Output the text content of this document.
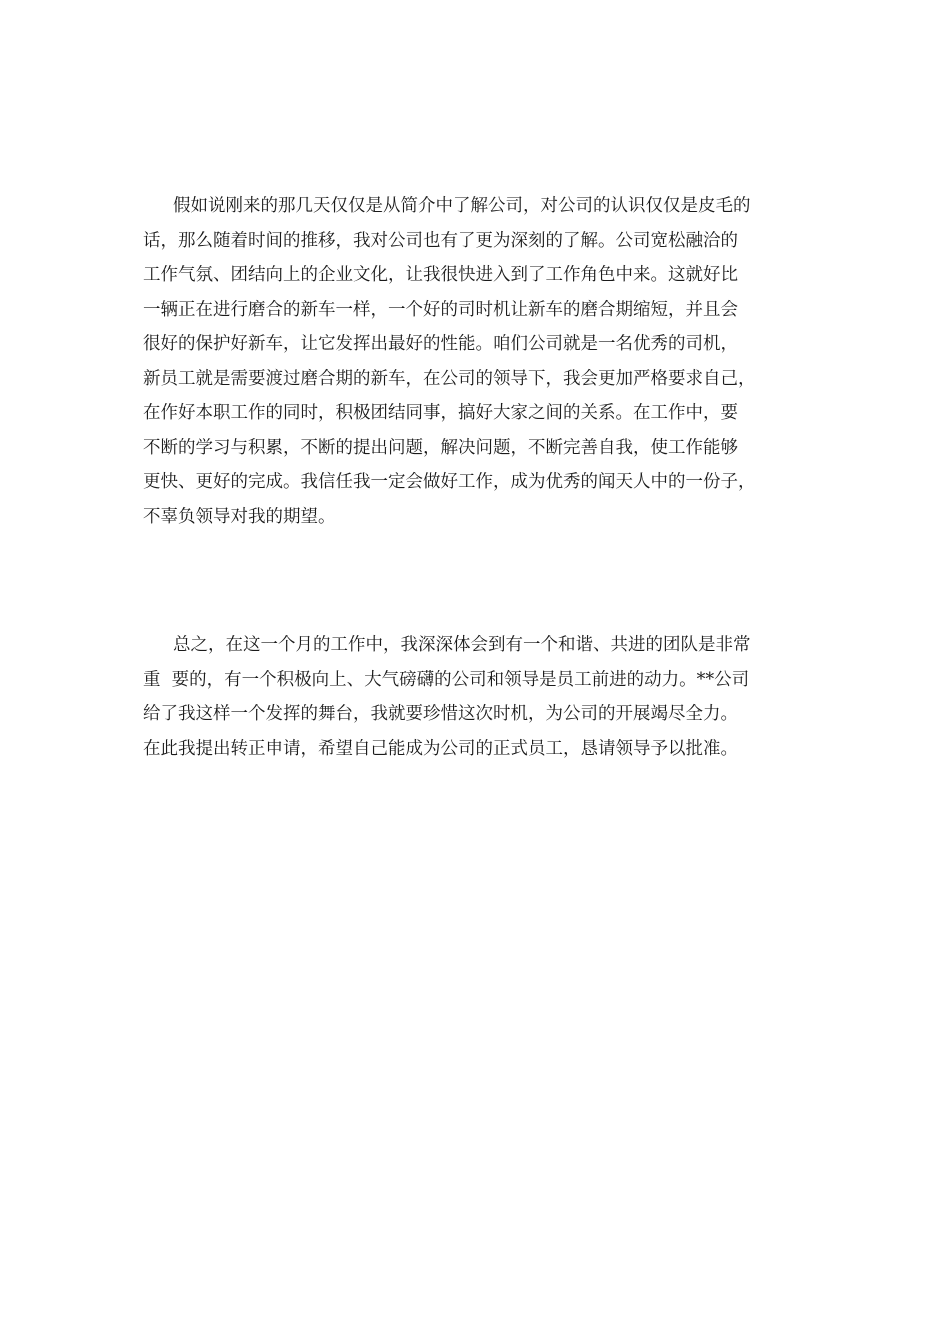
假如说刚来的那几天仅仅是从简介中了解公司，对公司的认识仅仅是皮毛的
话，那么随着时间的推移，我对公司也有了更为深刻的了解。公司宽松融洽的
工作气氛、团结向上的企业文化，让我很快进入到了工作角色中来。这就好比
一辆正在进行磨合的新车一样，一个好的司时机让新车的磨合期缩短，并且会
很好的保护好新车，让它发挥出最好的性能。咱们公司就是一名优秀的司机，
新员工就是需要渡过磨合期的新车，在公司的领导下，我会更加严格要求自己，
在作好本职工作的同时，积极团结同事，搞好大家之间的关系。在工作中，要
不断的学习与积累，不断的提出问题，解决问题，不断完善自我，使工作能够
更快、更好的完成。我信任我一定会做好工作，成为优秀的闻天人中的一份子，
不辜负领导对我的期望。
总之，在这一个月的工作中，我深深体会到有一个和谐、共进的团队是非常
重  要的，有一个积极向上、大气磅礴的公司和领导是员工前进的动力。**公司
给了我这样一个发挥的舞台，我就要珍惜这次时机，为公司的开展竭尽全力。
在此我提出转正申请，希望自己能成为公司的正式员工，恳请领导予以批准。
